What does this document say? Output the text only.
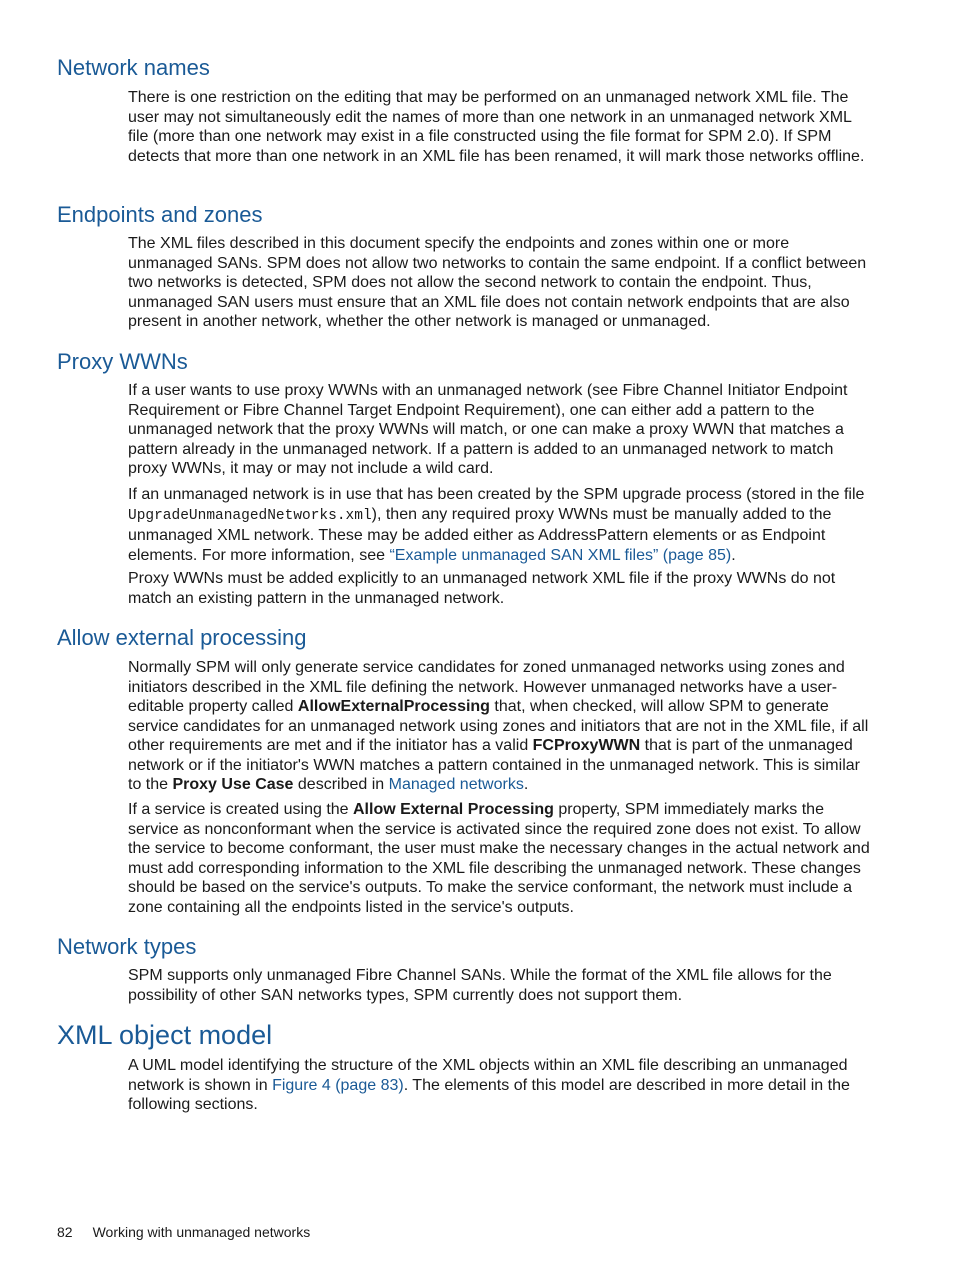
Network names

There is one restriction on the editing that may be performed on an unmanaged network XML file. The user may not simultaneously edit the names of more than one network in an unmanaged network XML file (more than one network may exist in a file constructed using the file format for SPM 2.0). If SPM detects that more than one network in an XML file has been renamed, it will mark those networks offline.

Endpoints and zones

The XML files described in this document specify the endpoints and zones within one or more unmanaged SANs. SPM does not allow two networks to contain the same endpoint. If a conflict between two networks is detected, SPM does not allow the second network to contain the endpoint. Thus, unmanaged SAN users must ensure that an XML file does not contain network endpoints that are also present in another network, whether the other network is managed or unmanaged.

Proxy WWNs

If a user wants to use proxy WWNs with an unmanaged network (see Fibre Channel Initiator Endpoint Requirement or Fibre Channel Target Endpoint Requirement), one can either add a pattern to the unmanaged network that the proxy WWNs will match, or one can make a proxy WWN that matches a pattern already in the unmanaged network. If a pattern is added to an unmanaged network to match proxy WWNs, it may or may not include a wild card.

If an unmanaged network is in use that has been created by the SPM upgrade process (stored in the file UpgradeUnmanagedNetworks.xml), then any required proxy WWNs must be manually added to the unmanaged XML network. These may be added either as AddressPattern elements or as Endpoint elements. For more information, see “Example unmanaged SAN XML files” (page 85).

Proxy WWNs must be added explicitly to an unmanaged network XML file if the proxy WWNs do not match an existing pattern in the unmanaged network.

Allow external processing

Normally SPM will only generate service candidates for zoned unmanaged networks using zones and initiators described in the XML file defining the network. However unmanaged networks have a user-editable property called AllowExternalProcessing that, when checked, will allow SPM to generate service candidates for an unmanaged network using zones and initiators that are not in the XML file, if all other requirements are met and if the initiator has a valid FCProxyWWN that is part of the unmanaged network or if the initiator's WWN matches a pattern contained in the unmanaged network. This is similar to the Proxy Use Case described in Managed networks.

If a service is created using the Allow External Processing property, SPM immediately marks the service as nonconformant when the service is activated since the required zone does not exist. To allow the service to become conformant, the user must make the necessary changes in the actual network and must add corresponding information to the XML file describing the unmanaged network. These changes should be based on the service's outputs. To make the service conformant, the network must include a zone containing all the endpoints listed in the service's outputs.

Network types

SPM supports only unmanaged Fibre Channel SANs. While the format of the XML file allows for the possibility of other SAN networks types, SPM currently does not support them.

XML object model

A UML model identifying the structure of the XML objects within an XML file describing an unmanaged network is shown in Figure 4 (page 83). The elements of this model are described in more detail in the following sections.

82 Working with unmanaged networks
